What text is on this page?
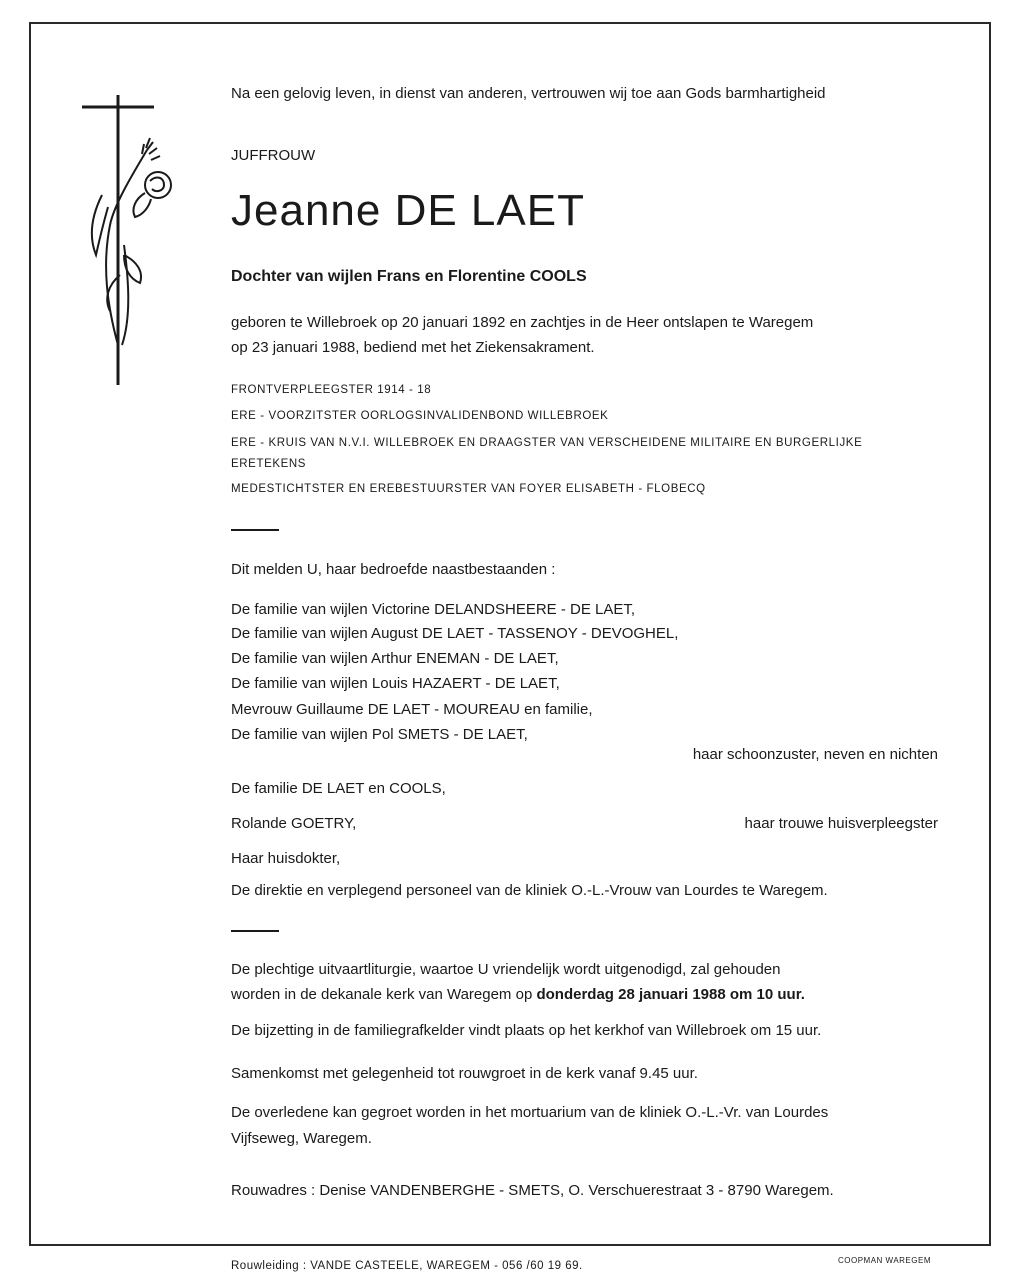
Na een gelovig leven, in dienst van anderen, vertrouwen wij toe aan Gods barmhartigheid
JUFFROUW
Jeanne DE LAET
Dochter van wijlen Frans en Florentine COOLS
geboren te Willebroek op 20 januari 1892 en zachtjes in de Heer ontslapen te Waregem
op 23 januari 1988, bediend met het Ziekensakrament.
FRONTVERPLEEGSTER 1914 - 18
ERE - VOORZITSTER OORLOGSINVALIDENBOND WILLEBROEK
ERE - KRUIS VAN N.V.I. WILLEBROEK EN DRAAGSTER VAN VERSCHEIDENE MILITAIRE EN BURGERLIJKE
ERETEKENS
MEDESTICHTSTER EN EREBESTUURSTER VAN FOYER ELISABETH - FLOBECQ
Dit melden U, haar bedroefde naastbestaanden :
De familie van wijlen Victorine DELANDSHEERE - DE LAET,
De familie van wijlen August DE LAET - TASSENOY - DEVOGHEL,
De familie van wijlen Arthur ENEMAN - DE LAET,
De familie van wijlen Louis HAZAERT - DE LAET,
Mevrouw Guillaume DE LAET - MOUREAU en familie,
De familie van wijlen Pol SMETS - DE LAET,
haar schoonzuster, neven en nichten
De familie DE LAET en COOLS,
Rolande GOETRY,	haar trouwe huisverpleegster
Haar huisdokter,
De direktie en verplegend personeel van de kliniek O.-L.-Vrouw van Lourdes te Waregem.
De plechtige uitvaartliturgie, waartoe U vriendelijk wordt uitgenodigd, zal gehouden
worden in de dekanale kerk van Waregem op donderdag 28 januari 1988 om 10 uur.
De bijzetting in de familiegrafkelder vindt plaats op het kerkhof van Willebroek om 15 uur.
Samenkomst met gelegenheid tot rouwgroet in de kerk vanaf 9.45 uur.
De overledene kan gegroet worden in het mortuarium van de kliniek O.-L.-Vr. van Lourdes
Vijfseweg, Waregem.
Rouwadres : Denise VANDENBERGHE - SMETS, O. Verschuerestraat 3 - 8790 Waregem.
Rouwleiding : VANDE CASTEELE, WAREGEM - 056 /60 19 69.	COOPMAN WAREGEM
